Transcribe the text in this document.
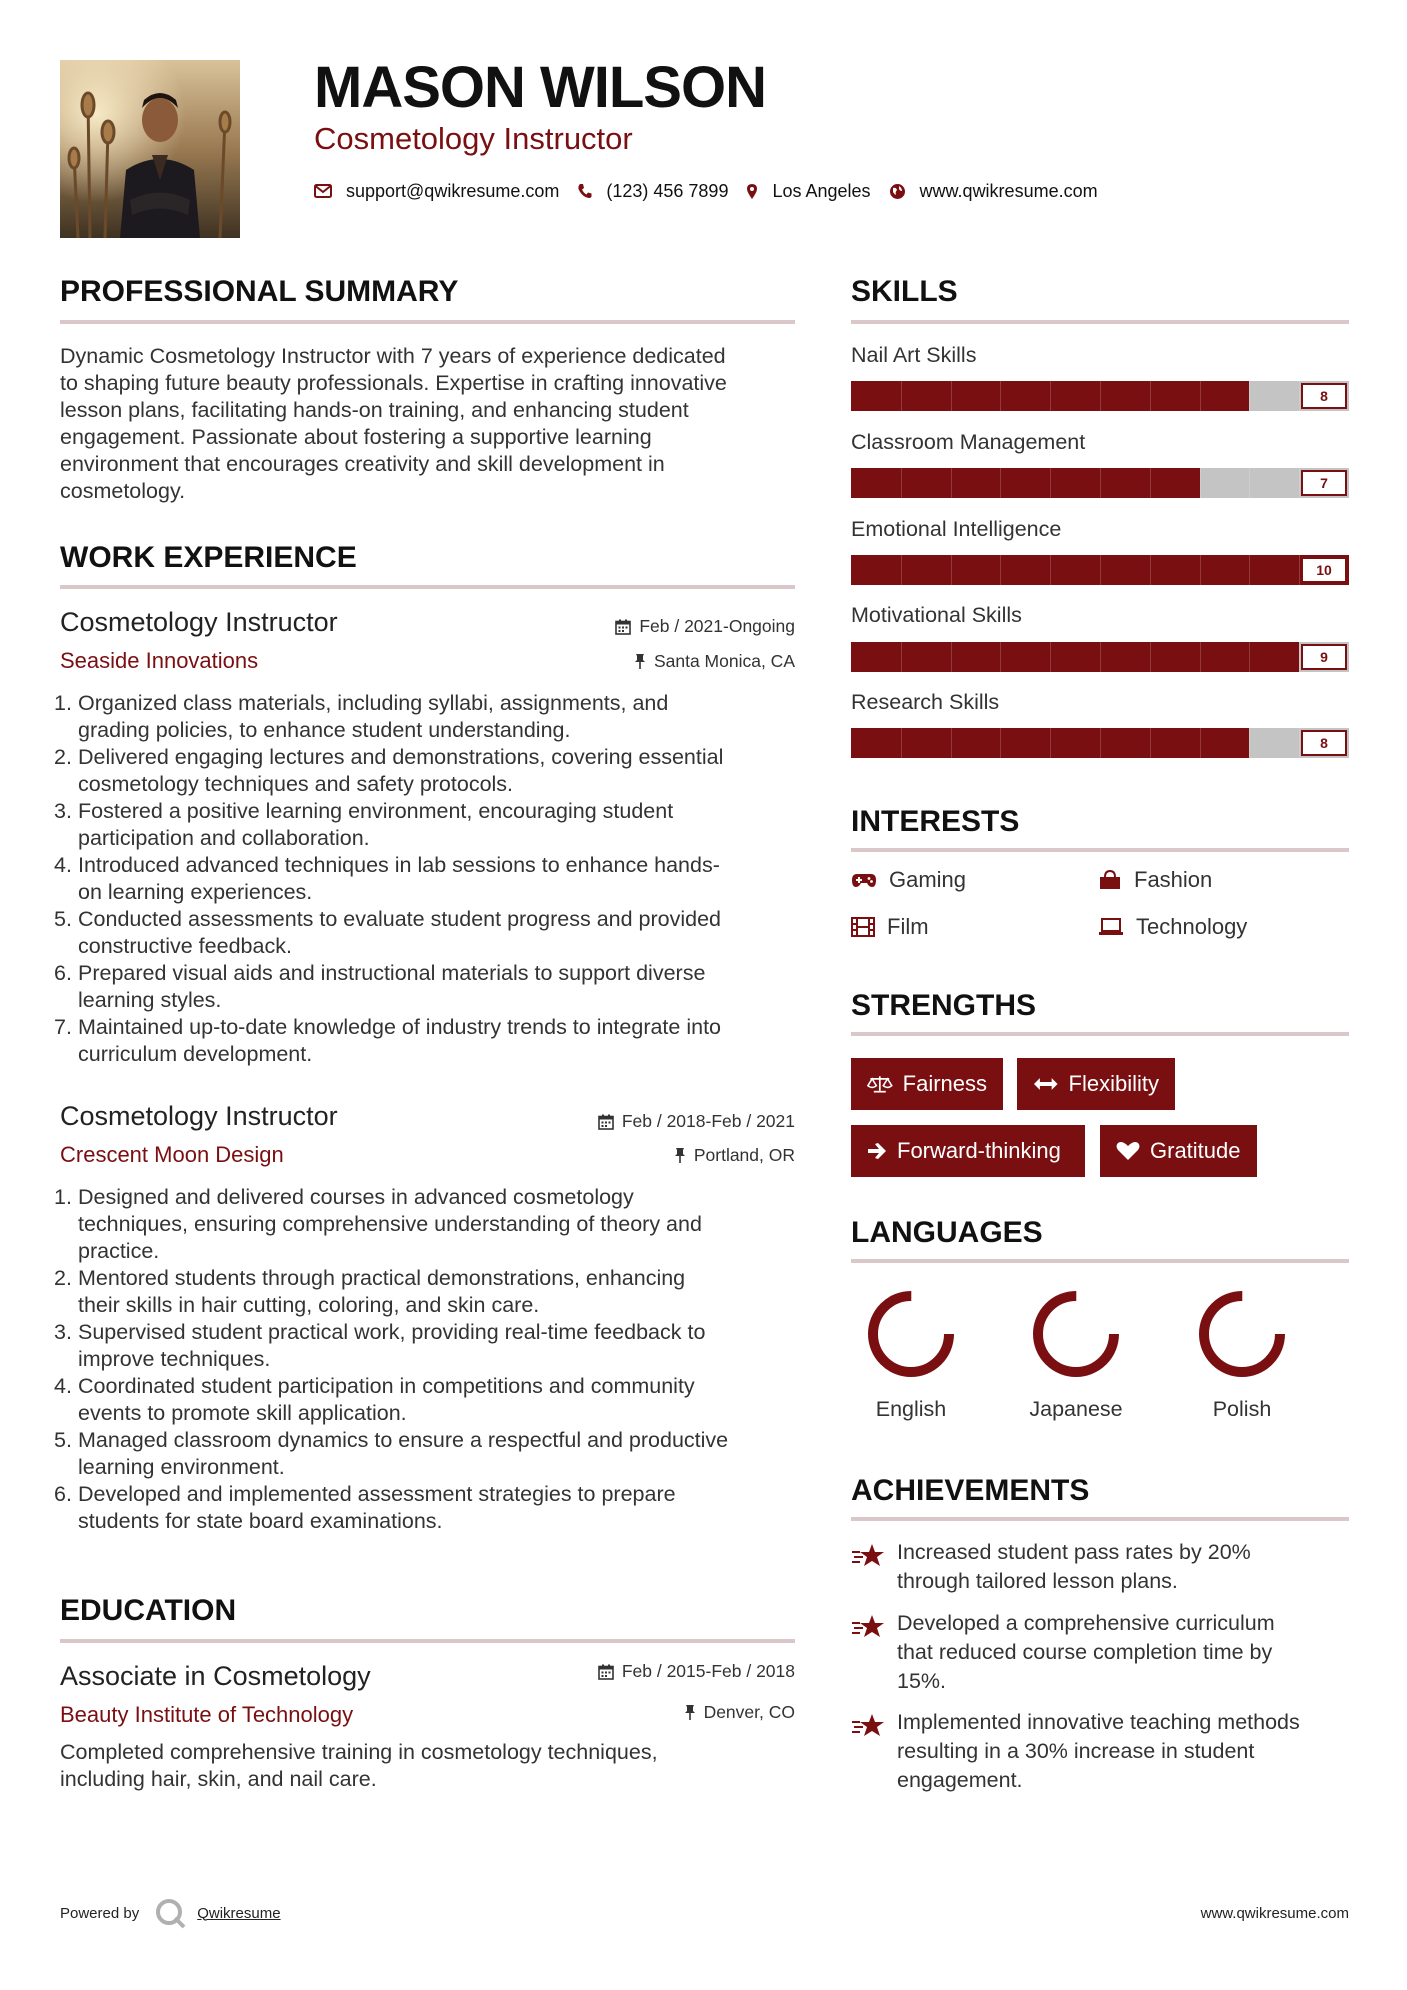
MASON WILSON
Cosmetology Instructor
support@qwikresume.com	(123) 456 7899 Los Angeles	www.qwikresume.com
PROFESSIONAL SUMMARY
Dynamic Cosmetology Instructor with 7 years of experience dedicated
to shaping future beauty professionals. Expertise in crafting innovative
lesson plans, facilitating hands-on training, and enhancing student
engagement. Passionate about fostering a supportive learning
environment that encourages creativity and skill development in
cosmetology.
WORK EXPERIENCE
Cosmetology Instructor	Feb / 2021-Ongoing
Seaside Innovations	Santa Monica, CA
1. Organized class materials, including syllabi, assignments, and
grading policies, to enhance student understanding.
2. Delivered engaging lectures and demonstrations, covering essential
cosmetology techniques and safety protocols.
3. Fostered a positive learning environment, encouraging student
participation and collaboration.
4. Introduced advanced techniques in lab sessions to enhance hands-
on learning experiences.
5. Conducted assessments to evaluate student progress and provided
constructive feedback.
6. Prepared visual aids and instructional materials to support diverse
learning styles.
7. Maintained up-to-date knowledge of industry trends to integrate into
curriculum development.
Cosmetology Instructor	Feb / 2018-Feb / 2021
Crescent Moon Design	Portland, OR
1. Designed and delivered courses in advanced cosmetology
techniques, ensuring comprehensive understanding of theory and
practice.
2. Mentored students through practical demonstrations, enhancing
their skills in hair cutting, coloring, and skin care.
3. Supervised student practical work, providing real-time feedback to
improve techniques.
4. Coordinated student participation in competitions and community
events to promote skill application.
5. Managed classroom dynamics to ensure a respectful and productive
learning environment.
6. Developed and implemented assessment strategies to prepare
students for state board examinations.
EDUCATION
Associate in Cosmetology	Feb / 2015-Feb / 2018
Beauty Institute of Technology	Denver, CO
Completed comprehensive training in cosmetology techniques,
including hair, skin, and nail care.
SKILLS
Nail Art Skills
8
Classroom Management
7
Emotional Intelligence
10
Motivational Skills
9
Research Skills
8
INTERESTS
Gaming	Fashion
Film	Technology
STRENGTHS
Fairness	Flexibility
Forward-thinking	Gratitude
LANGUAGES
English	Japanese	Polish
ACHIEVEMENTS
Increased student pass rates by 20%
through tailored lesson plans.
Developed a comprehensive curriculum
that reduced course completion time by
15%.
Implemented innovative teaching methods
resulting in a 30% increase in student
engagement.
Powered by	Qwikresume	www.qwikresume.com
